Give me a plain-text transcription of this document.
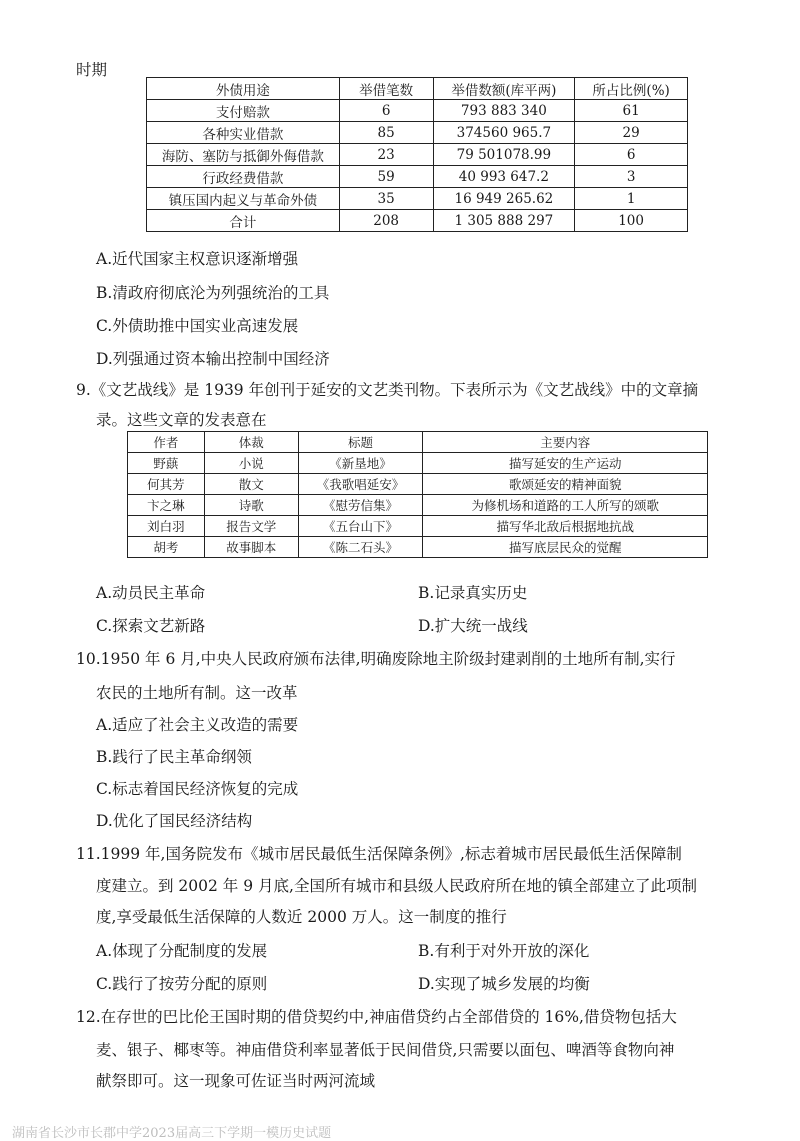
时期
外债用途	举借笔数	举借数额(库平两)	所占比例(%)
支付赔款	6	793 883 340	61
各种实业借款	85	374560 965.7	29
海防、塞防与抵御外侮借款	23	79 501078.99	6
行政经费借款	59	40 993 647.2	3
镇压国内起义与革命外债	35	16 949 265.62	1
合计	208	1 305 888 297	100
A.近代国家主权意识逐渐增强
B.清政府彻底沦为列强统治的工具
C.外债助推中国实业高速发展
D.列强通过资本输出控制中国经济
9.《文艺战线》是 1939 年创刊于延安的文艺类刊物。下表所示为《文艺战线》中的文章摘
录。这些文章的发表意在
作者	体裁	标题	主要内容
野蕻	小说	《新垦地》	描写延安的生产运动
何其芳	散文	《我歌唱延安》	歌颂延安的精神面貌
卞之琳	诗歌	《慰劳信集》	为修机场和道路的工人所写的颂歌
刘白羽	报告文学	《五台山下》	描写华北敌后根据地抗战
胡考	故事脚本	《陈二石头》	描写底层民众的觉醒
A.动员民主革命	B.记录真实历史
C.探索文艺新路	D.扩大统一战线
10.1950 年 6 月,中央人民政府颁布法律,明确废除地主阶级封建剥削的土地所有制,实行
农民的土地所有制。这一改革
A.适应了社会主义改造的需要
B.践行了民主革命纲领
C.标志着国民经济恢复的完成
D.优化了国民经济结构
11.1999 年,国务院发布《城市居民最低生活保障条例》,标志着城市居民最低生活保障制
度建立。到 2002 年 9 月底,全国所有城市和县级人民政府所在地的镇全部建立了此项制
度,享受最低生活保障的人数近 2000 万人。这一制度的推行
A.体现了分配制度的发展	B.有利于对外开放的深化
C.践行了按劳分配的原则	D.实现了城乡发展的均衡
12.在存世的巴比伦王国时期的借贷契约中,神庙借贷约占全部借贷的 16%,借贷物包括大
麦、银子、椰枣等。神庙借贷利率显著低于民间借贷,只需要以面包、啤酒等食物向神
献祭即可。这一现象可佐证当时两河流域
湖南省长沙市长郡中学2023届高三下学期一模历史试题
